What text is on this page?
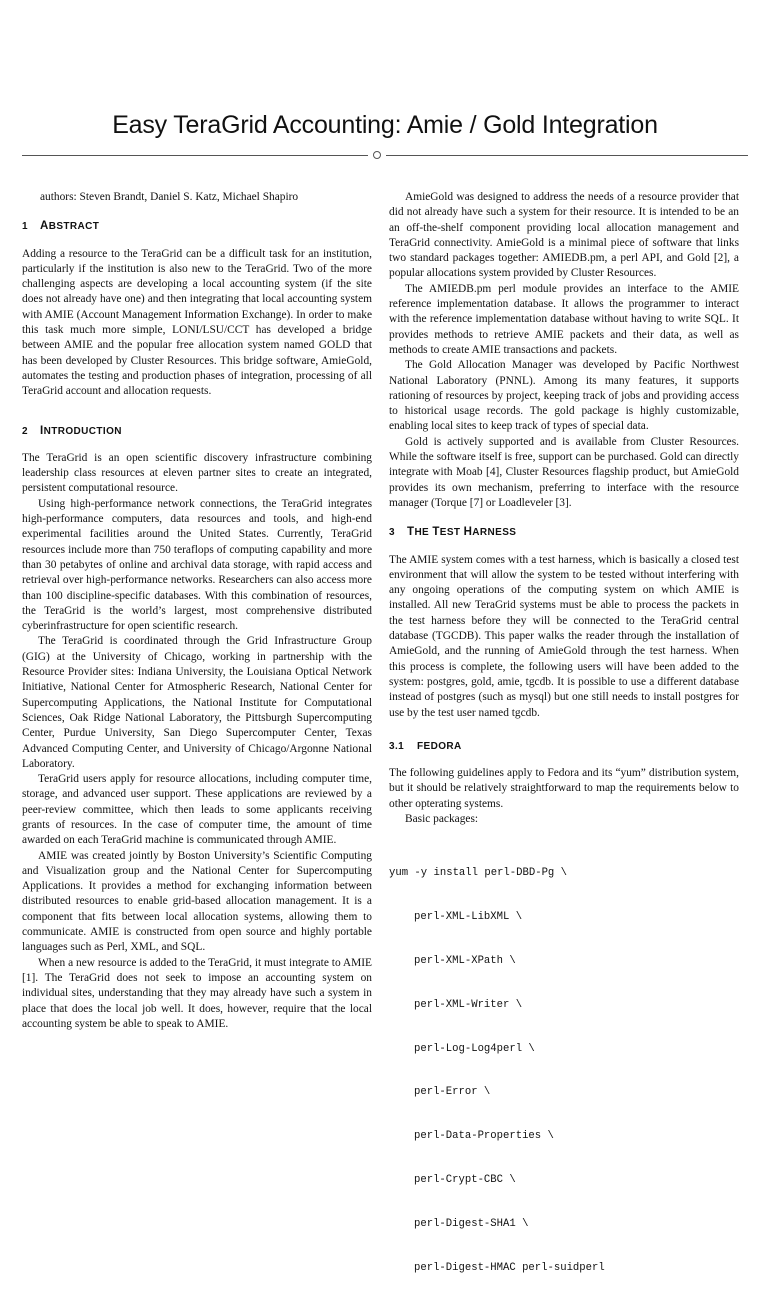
Easy TeraGrid Accounting: Amie / Gold Integration

authors: Steven Brandt, Daniel S. Katz, Michael Shapiro

1 ABSTRACT

Adding a resource to the TeraGrid can be a difficult task for an institution, particularly if the institution is also new to the TeraGrid. Two of the more challenging aspects are developing a local accounting system (if the site does not already have one) and then integrating that local accounting system with AMIE (Account Management Information Exchange). In order to make this task much more simple, LONI/LSU/CCT has developed a bridge between AMIE and the popular free allocation system named GOLD that has been developed by Cluster Resources. This bridge software, AmieGold, automates the testing and production phases of integration, processing of all TeraGrid account and allocation requests.

2 INTRODUCTION

The TeraGrid is an open scientific discovery infrastructure combining leadership class resources at eleven partner sites to create an integrated, persistent computational resource.

Using high-performance network connections, the TeraGrid integrates high-performance computers, data resources and tools, and high-end experimental facilities around the United States. Currently, TeraGrid resources include more than 750 teraflops of computing capability and more than 30 petabytes of online and archival data storage, with rapid access and retrieval over high-performance networks. Researchers can also access more than 100 discipline-specific databases. With this combination of resources, the TeraGrid is the world’s largest, most comprehensive distributed cyberinfrastructure for open scientific research.

The TeraGrid is coordinated through the Grid Infrastructure Group (GIG) at the University of Chicago, working in partnership with the Resource Provider sites: Indiana University, the Louisiana Optical Network Initiative, National Center for Atmospheric Research, National Center for Supercomputing Applications, the National Institute for Computational Sciences, Oak Ridge National Laboratory, the Pittsburgh Supercomputing Center, Purdue University, San Diego Supercomputer Center, Texas Advanced Computing Center, and University of Chicago/Argonne National Laboratory.

TeraGrid users apply for resource allocations, including computer time, storage, and advanced user support. These applications are reviewed by a peer-review committee, which then leads to some applicants receiving grants of resources. In the case of computer time, the amount of time awarded on each TeraGrid machine is communicated through AMIE.

AMIE was created jointly by Boston University’s Scientific Computing and Visualization group and the National Center for Supercomputing Applications. It provides a method for exchanging information between distributed resources to enable grid-based allocation management. It is a component that fits between local allocation systems, allowing them to communicate. AMIE is constructed from open source and highly portable languages such as Perl, XML, and SQL.

When a new resource is added to the TeraGrid, it must integrate to AMIE [1]. The TeraGrid does not seek to impose an accounting system on individual sites, understanding that they may already have such a system in place that does the local job well. It does, however, require that the local accounting system be able to speak to AMIE.

AmieGold was designed to address the needs of a resource provider that did not already have such a system for their resource. It is intended to be an an off-the-shelf component providing local allocation management and TeraGrid connectivity. AmieGold is a minimal piece of software that links two standard packages together: AMIEDB.pm, a perl API, and Gold [2], a popular allocations system provided by Cluster Resources.

The AMIEDB.pm perl module provides an interface to the AMIE reference implementation database. It allows the programmer to interact with the reference implementation database without having to write SQL. It provides methods to retrieve AMIE packets and their data, as well as methods to create AMIE transactions and packets.

The Gold Allocation Manager was developed by Pacific Northwest National Laboratory (PNNL). Among its many features, it supports rationing of resources by project, keeping track of jobs and providing access to historical usage records. The gold package is highly customizable, enabling local sites to keep track of types of special data.

Gold is actively supported and is available from Cluster Resources. While the software itself is free, support can be purchased. Gold can directly integrate with Moab [4], Cluster Resources flagship product, but AmieGold provides its own mechanism, preferring to interface with the resource manager (Torque [7] or Loadleveler [3].

3 THE TEST HARNESS

The AMIE system comes with a test harness, which is basically a closed test environment that will allow the system to be tested without interfering with any ongoing operations of the computing system on which AMIE is installed. All new TeraGrid systems must be able to process the packets in the test harness before they will be connected to the TeraGrid central database (TGCDB). This paper walks the reader through the installation of AmieGold, and the running of AmieGold through the test harness. When this process is complete, the following users will have been added to the system: postgres, gold, amie, tgcdb. It is possible to use a different database instead of postgres (such as mysql) but one still needs to install postgres for use by the test user named tgcdb.

3.1 FEDORA

The following guidelines apply to Fedora and its “yum” distribution system, but it should be relatively straightforward to map the requirements below to other opterating systems.

Basic packages:

yum -y install perl-DBD-Pg \

perl-XML-LibXML \

perl-XML-XPath \

perl-XML-Writer \

perl-Log-Log4perl \

perl-Error \

perl-Data-Properties \

perl-Crypt-CBC \

perl-Digest-SHA1 \

perl-Digest-HMAC perl-suidperl
